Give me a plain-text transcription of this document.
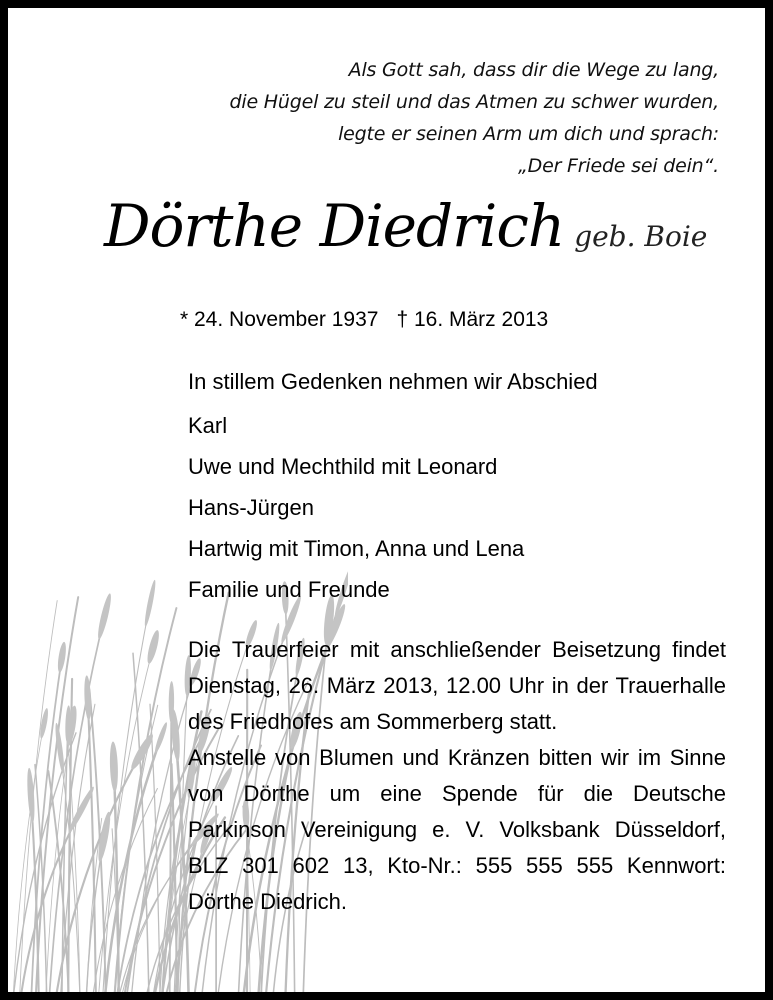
Als Gott sah, dass dir die Wege zu lang,
die Hügel zu steil und das Atmen zu schwer wurden,
legte er seinen Arm um dich und sprach:
„Der Friede sei dein“.
Dörthe Diedrich geb. Boie
* 24. November 1937 † 16. März 2013
In stillem Gedenken nehmen wir Abschied
Karl
Uwe und Mechthild mit Leonard
Hans-Jürgen
Hartwig mit Timon, Anna und Lena
Familie und Freunde
Die Trauerfeier mit anschließender Beisetzung findet Dienstag, 26. März 2013, 12.00 Uhr in der Trauerhalle des Friedhofes am Sommerberg statt.
Anstelle von Blumen und Kränzen bitten wir im Sinne von Dörthe um eine Spende für die Deutsche Parkinson Vereinigung e. V. Volksbank Düsseldorf, BLZ 301 602 13, Kto-Nr.: 555 555 555 Kennwort: Dörthe Diedrich.
